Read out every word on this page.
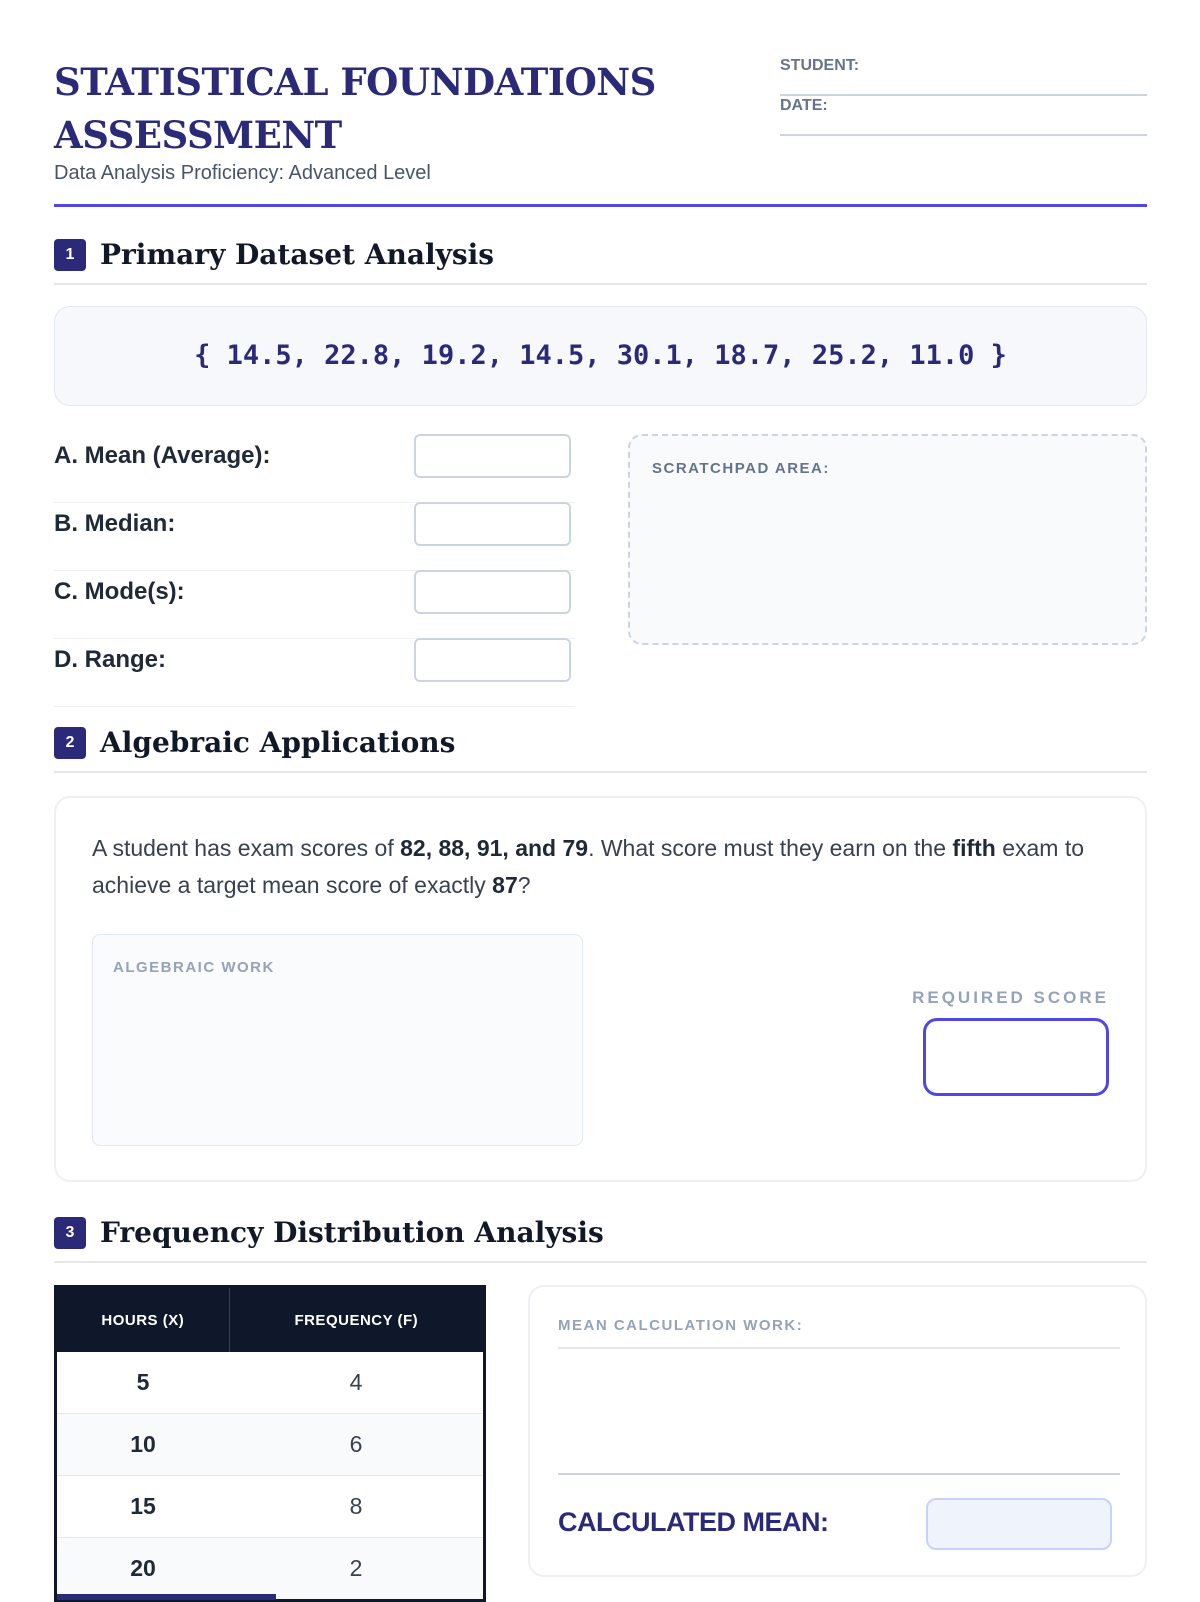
STATISTICAL FOUNDATIONS ASSESSMENT
Data Analysis Proficiency: Advanced Level
STUDENT:
DATE:
1 Primary Dataset Analysis
{ 14.5, 22.8, 19.2, 14.5, 30.1, 18.7, 25.2, 11.0 }
A. Mean (Average):
B. Median:
C. Mode(s):
D. Range:
SCRATCHPAD AREA:
2 Algebraic Applications
A student has exam scores of 82, 88, 91, and 79. What score must they earn on the fifth exam to achieve a target mean score of exactly 87?
ALGEBRAIC WORK
REQUIRED SCORE
3 Frequency Distribution Analysis
HOURS (X)	FREQUENCY (F)
5	4
10	6
15	8
20	2
MEAN CALCULATION WORK:
CALCULATED MEAN:
